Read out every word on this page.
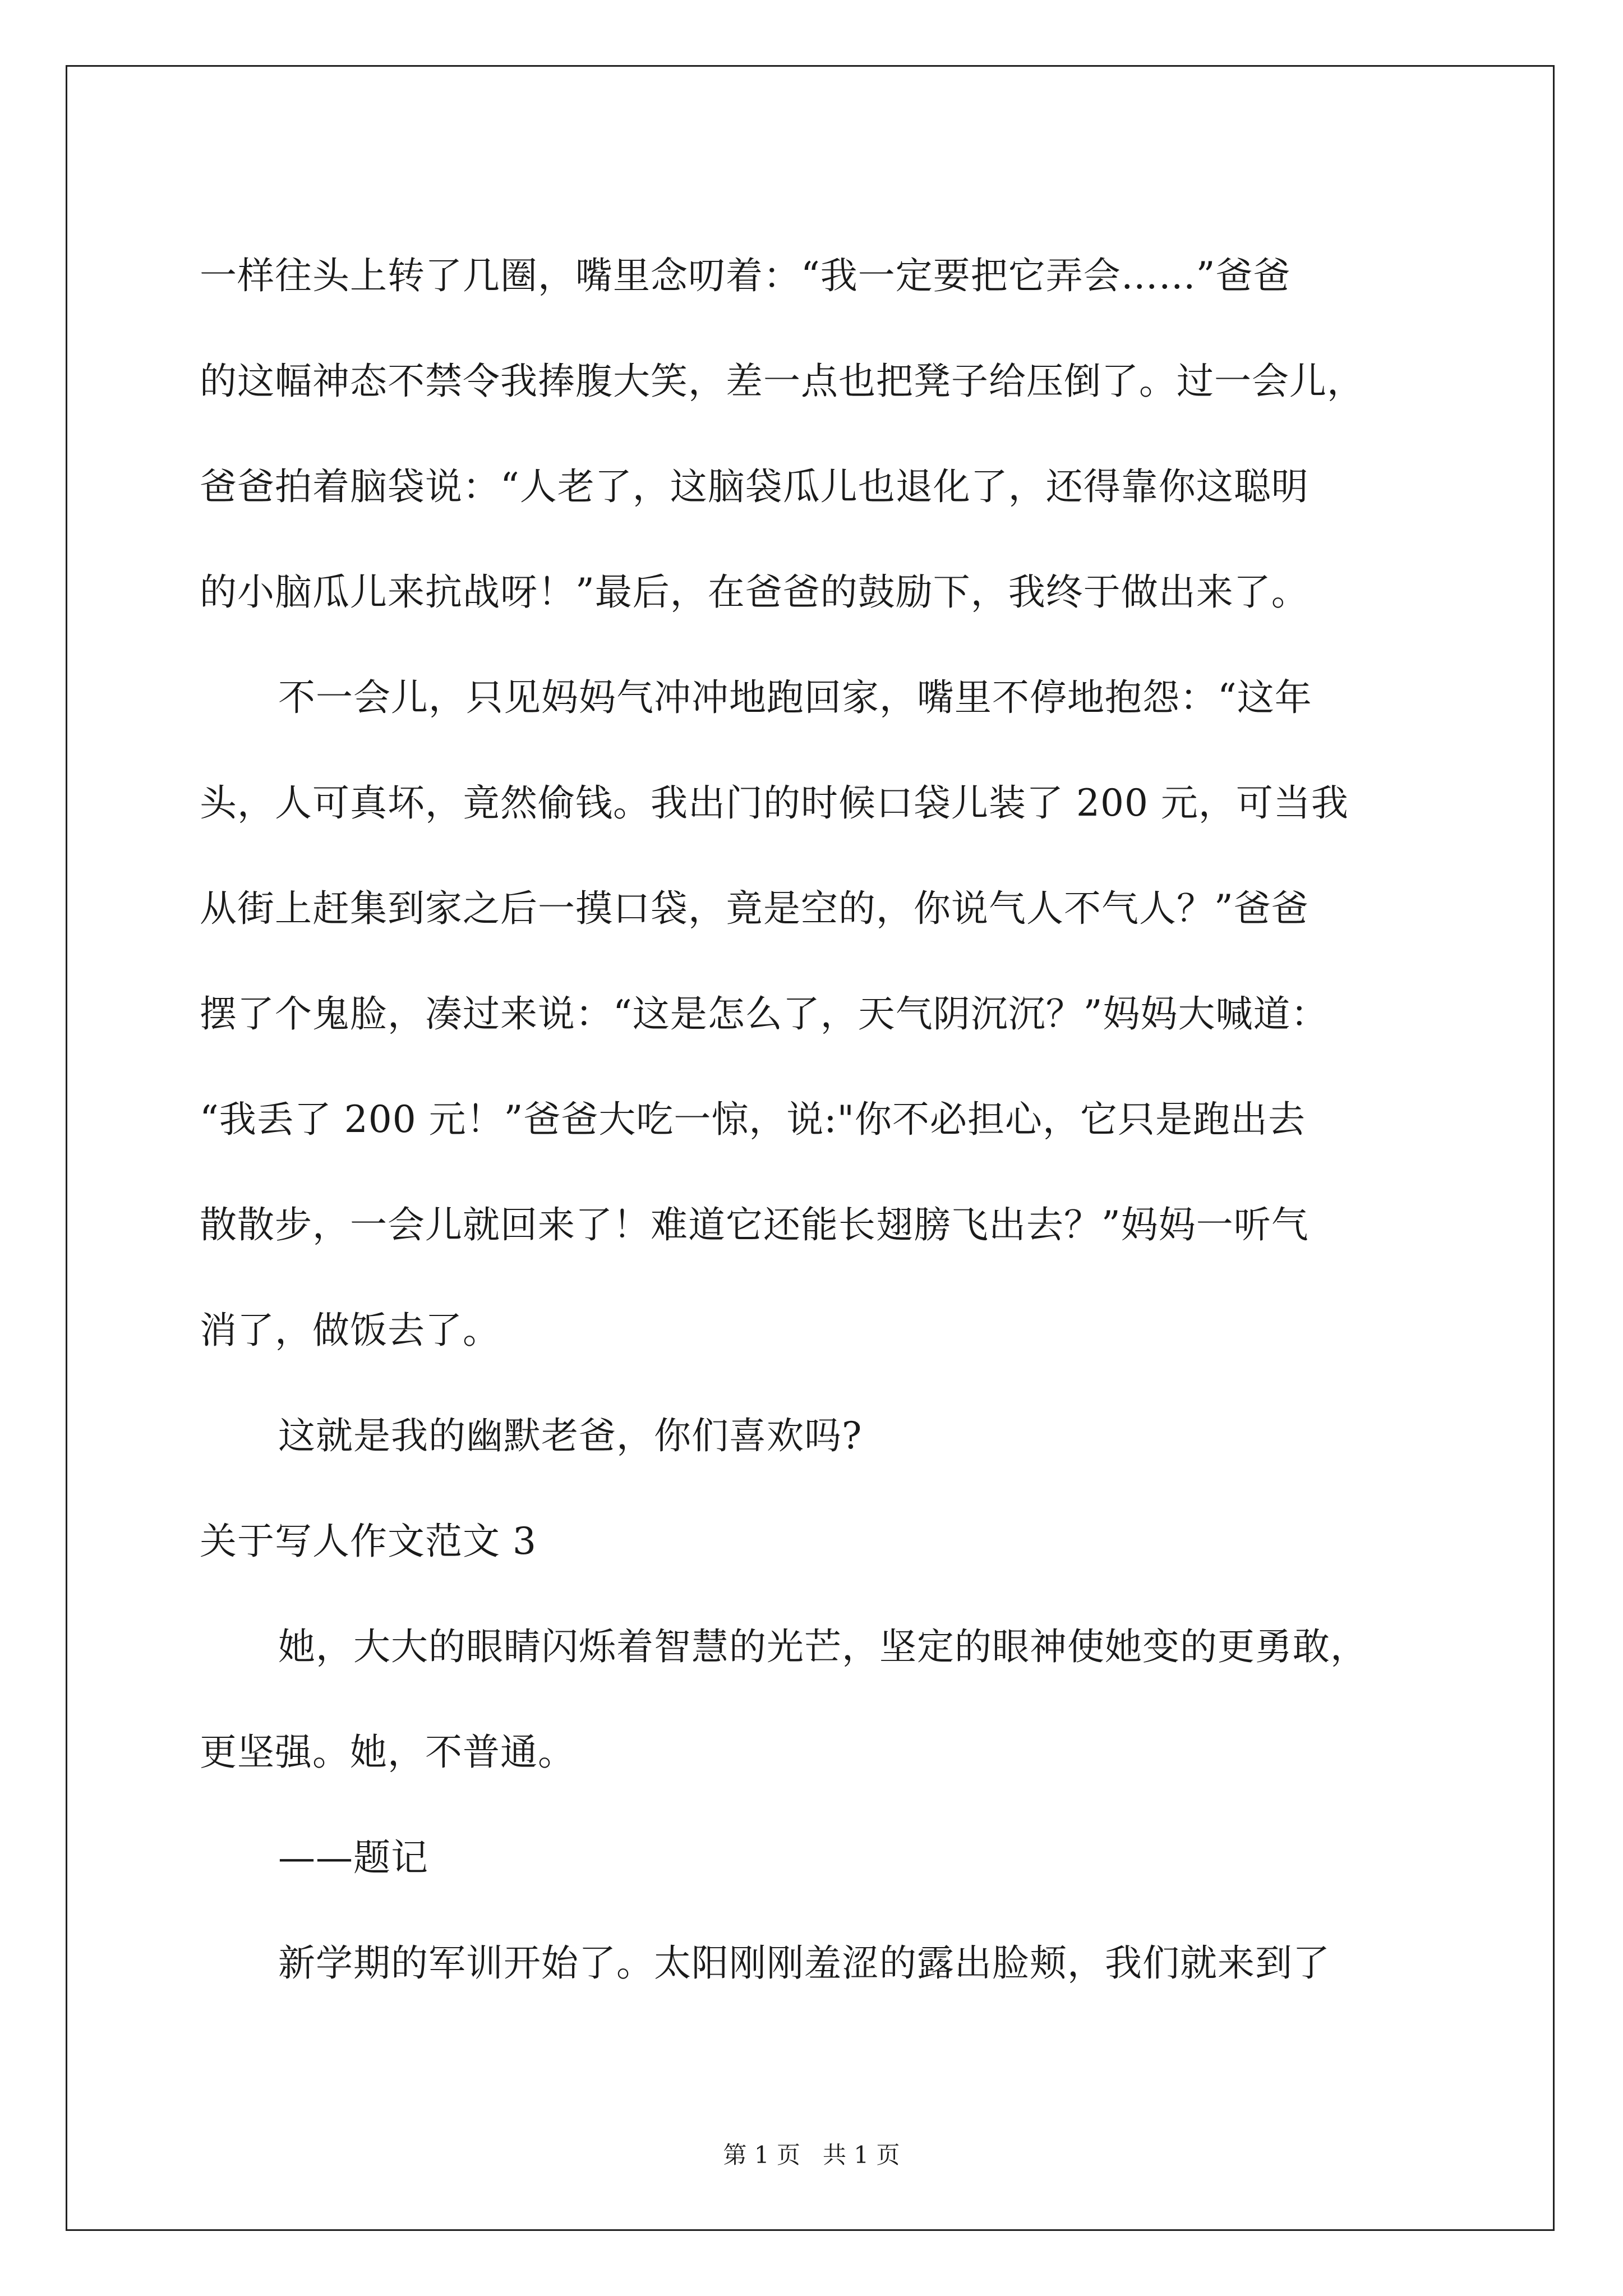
一样往头上转了几圈，嘴里念叨着：“我一定要把它弄会……”爸爸
的这幅神态不禁令我捧腹大笑，差一点也把凳子给压倒了。过一会儿，
爸爸拍着脑袋说：“人老了，这脑袋瓜儿也退化了，还得靠你这聪明
的小脑瓜儿来抗战呀！”最后，在爸爸的鼓励下，我终于做出来了。
不一会儿，只见妈妈气冲冲地跑回家，嘴里不停地抱怨：“这年
头，人可真坏，竟然偷钱。我出门的时候口袋儿装了 200 元，可当我
从街上赶集到家之后一摸口袋，竟是空的，你说气人不气人？”爸爸
摆了个鬼脸，凑过来说：“这是怎么了，天气阴沉沉？”妈妈大喊道：
“我丢了 200 元！”爸爸大吃一惊，说:"你不必担心，它只是跑出去
散散步，一会儿就回来了！难道它还能长翅膀飞出去？”妈妈一听气
消了，做饭去了。
这就是我的幽默老爸，你们喜欢吗?
关于写人作文范文 3
她，大大的眼睛闪烁着智慧的光芒，坚定的眼神使她变的更勇敢，
更坚强。她，不普通。
——题记
新学期的军训开始了。太阳刚刚羞涩的露出脸颊，我们就来到了
第 1 页   共 1 页
